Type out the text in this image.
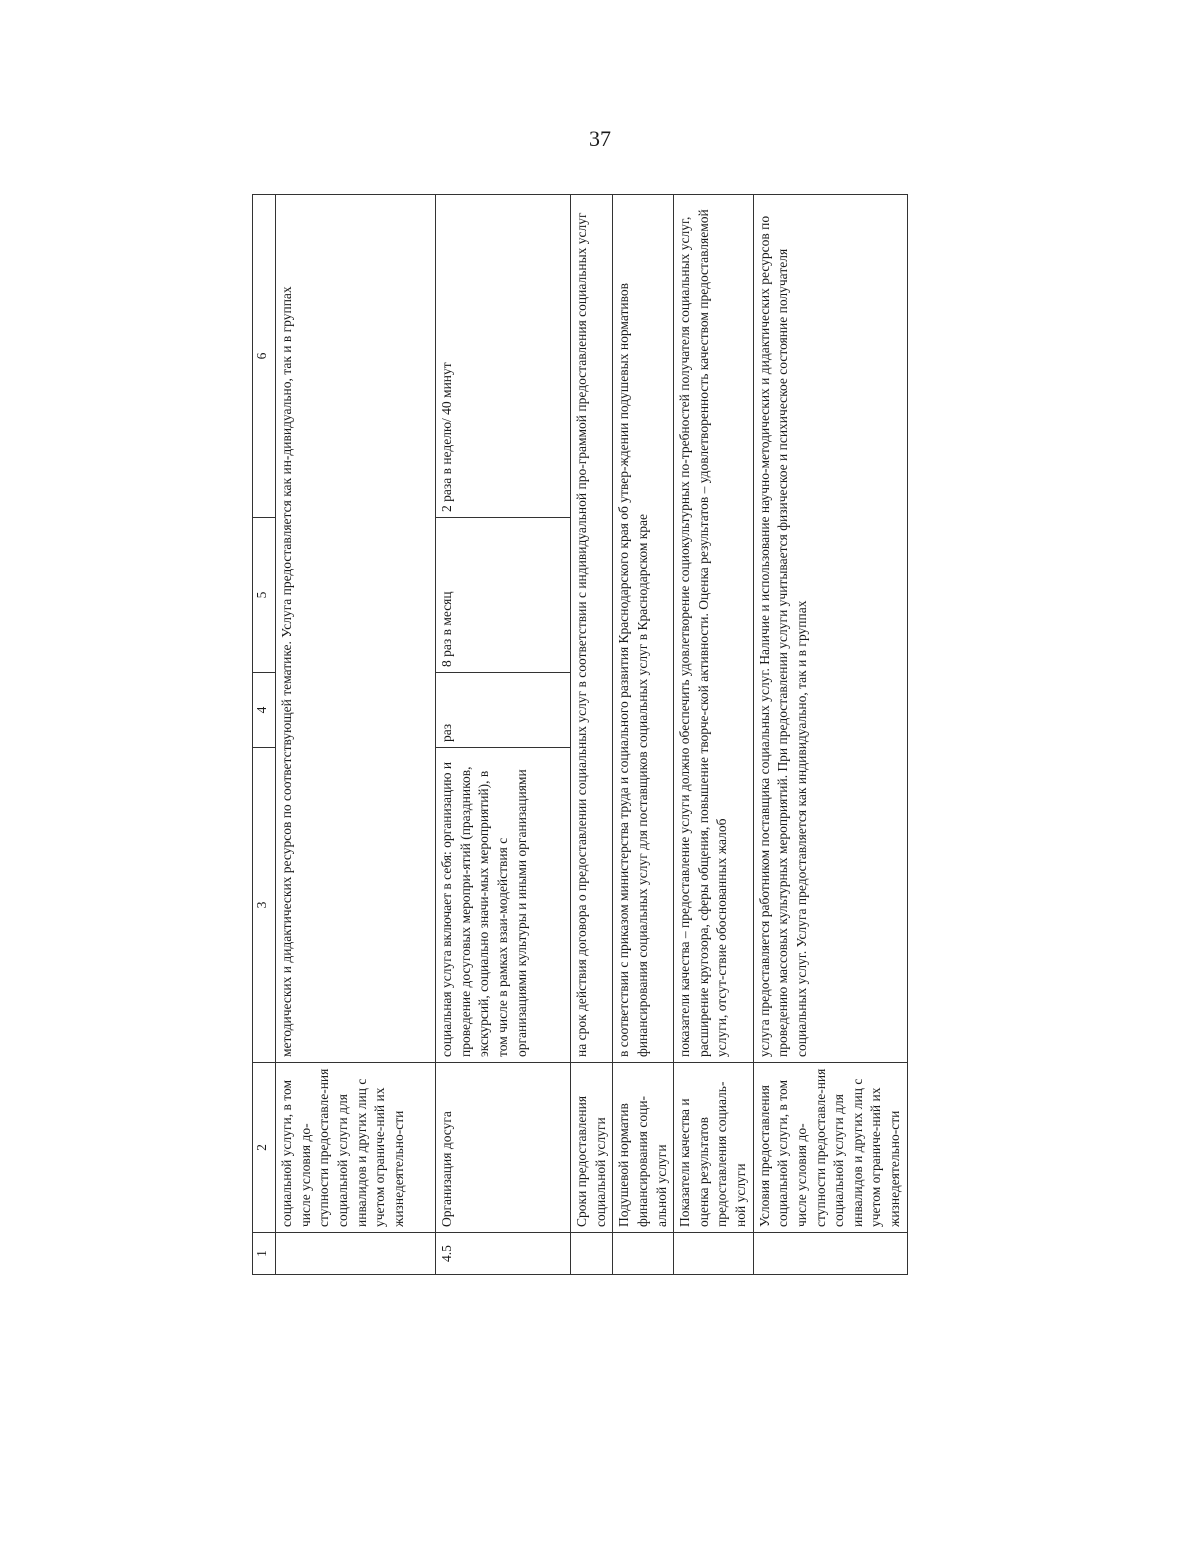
37
1	2	3	4	5	6
	социальной услуги, в том числе условия до-ступности предоставле-ния социальной услуги для инвалидов и других лиц с учетом ограниче-ний их жизнедеятельно-сти	методических и дидактических ресурсов по соответствующей тематике. Услуга предоставляется как ин-дивидуально, так и в группах			
4.5	Организация досуга	социальная услуга включает в себя: организацию и проведение досуговых меропри-ятий (праздников, экскурсий, социально значи-мых мероприятий), в том числе в рамках взаи-модействия с организациями культуры и иными организациями	раз	8 раз в месяц	2 раза в неделю/ 40 минут
	Сроки предоставления социальной услуги	на срок действия договора о предоставлении социальных услуг в соответствии с индивидуальной про-граммой предоставления социальных услуг			
	Подушевой норматив финансирования соци-альной услуги	в соответствии с приказом министерства труда и социального развития Краснодарского края об утвер-ждении подушевых нормативов финансирования социальных услуг для поставщиков социальных услуг в Краснодарском крае			
	Показатели качества и оценка результатов предоставления социаль-ной услуги	показатели качества – предоставление услуги должно обеспечить удовлетворение социокультурных по-требностей получателя социальных услуг, расширение кругозора, сферы общения, повышение творче-ской активности. Оценка результатов – удовлетворенность качеством предоставляемой услуги, отсут-ствие обоснованных жалоб			
	Условия предоставления социальной услуги, в том числе условия до-ступности предоставле-ния социальной услуги для инвалидов и других лиц с учетом ограниче-ний их жизнедеятельно-сти	услуга предоставляется работником поставщика социальных услуг. Наличие и использование научно-методических и дидактических ресурсов по проведению массовых культурных мероприятий. При предоставлении услуги учитывается физическое и психическое состояние получателя социальных услуг. Услуга предоставляется как индивидуально, так и в группах			
